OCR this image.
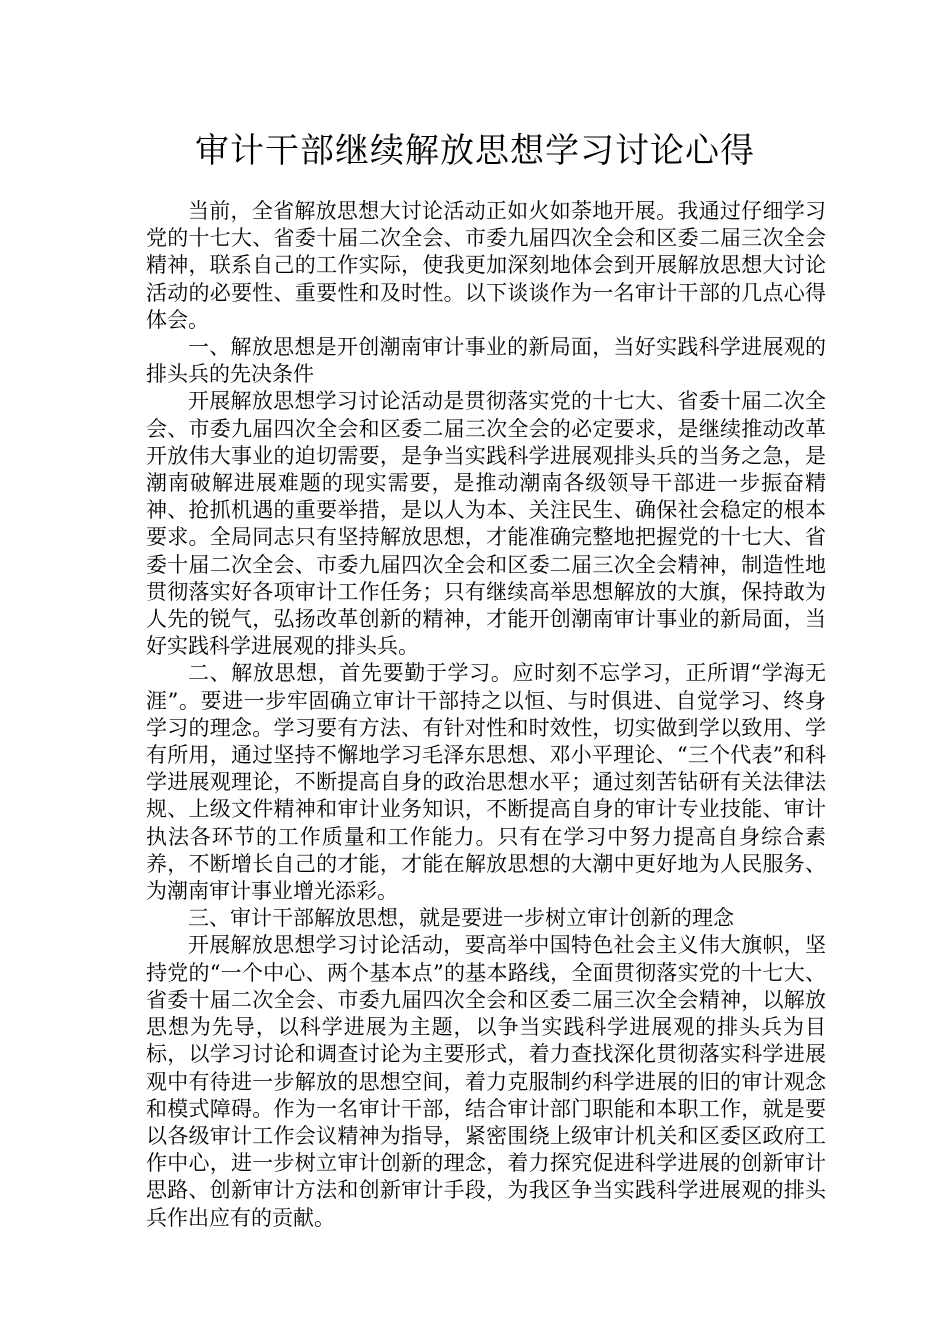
审计干部继续解放思想学习讨论心得

当前，全省解放思想大讨论活动正如火如荼地开展。我通过仔细学习党的十七大、省委十届二次全会、市委九届四次全会和区委二届三次全会精神，联系自己的工作实际，使我更加深刻地体会到开展解放思想大讨论活动的必要性、重要性和及时性。以下谈谈作为一名审计干部的几点心得体会。

一、解放思想是开创潮南审计事业的新局面，当好实践科学进展观的排头兵的先决条件

开展解放思想学习讨论活动是贯彻落实党的十七大、省委十届二次全会、市委九届四次全会和区委二届三次全会的必定要求，是继续推动改革开放伟大事业的迫切需要，是争当实践科学进展观排头兵的当务之急，是潮南破解进展难题的现实需要，是推动潮南各级领导干部进一步振奋精神、抢抓机遇的重要举措，是以人为本、关注民生、确保社会稳定的根本要求。全局同志只有坚持解放思想，才能准确完整地把握党的十七大、省委十届二次全会、市委九届四次全会和区委二届三次全会精神，制造性地贯彻落实好各项审计工作任务；只有继续高举思想解放的大旗，保持敢为人先的锐气，弘扬改革创新的精神，才能开创潮南审计事业的新局面，当好实践科学进展观的排头兵。

二、解放思想，首先要勤于学习。应时刻不忘学习，正所谓“学海无涯”。要进一步牢固确立审计干部持之以恒、与时俱进、自觉学习、终身学习的理念。学习要有方法、有针对性和时效性，切实做到学以致用、学有所用，通过坚持不懈地学习毛泽东思想、邓小平理论、“三个代表”和科学进展观理论，不断提高自身的政治思想水平；通过刻苦钻研有关法律法规、上级文件精神和审计业务知识，不断提高自身的审计专业技能、审计执法各环节的工作质量和工作能力。只有在学习中努力提高自身综合素养，不断增长自己的才能，才能在解放思想的大潮中更好地为人民服务、为潮南审计事业增光添彩。

三、审计干部解放思想，就是要进一步树立审计创新的理念

开展解放思想学习讨论活动，要高举中国特色社会主义伟大旗帜，坚持党的“一个中心、两个基本点”的基本路线，全面贯彻落实党的十七大、省委十届二次全会、市委九届四次全会和区委二届三次全会精神，以解放思想为先导，以科学进展为主题，以争当实践科学进展观的排头兵为目标，以学习讨论和调查讨论为主要形式，着力查找深化贯彻落实科学进展观中有待进一步解放的思想空间，着力克服制约科学进展的旧的审计观念和模式障碍。作为一名审计干部，结合审计部门职能和本职工作，就是要以各级审计工作会议精神为指导，紧密围绕上级审计机关和区委区政府工作中心，进一步树立审计创新的理念，着力探究促进科学进展的创新审计思路、创新审计方法和创新审计手段，为我区争当实践科学进展观的排头兵作出应有的贡献。
